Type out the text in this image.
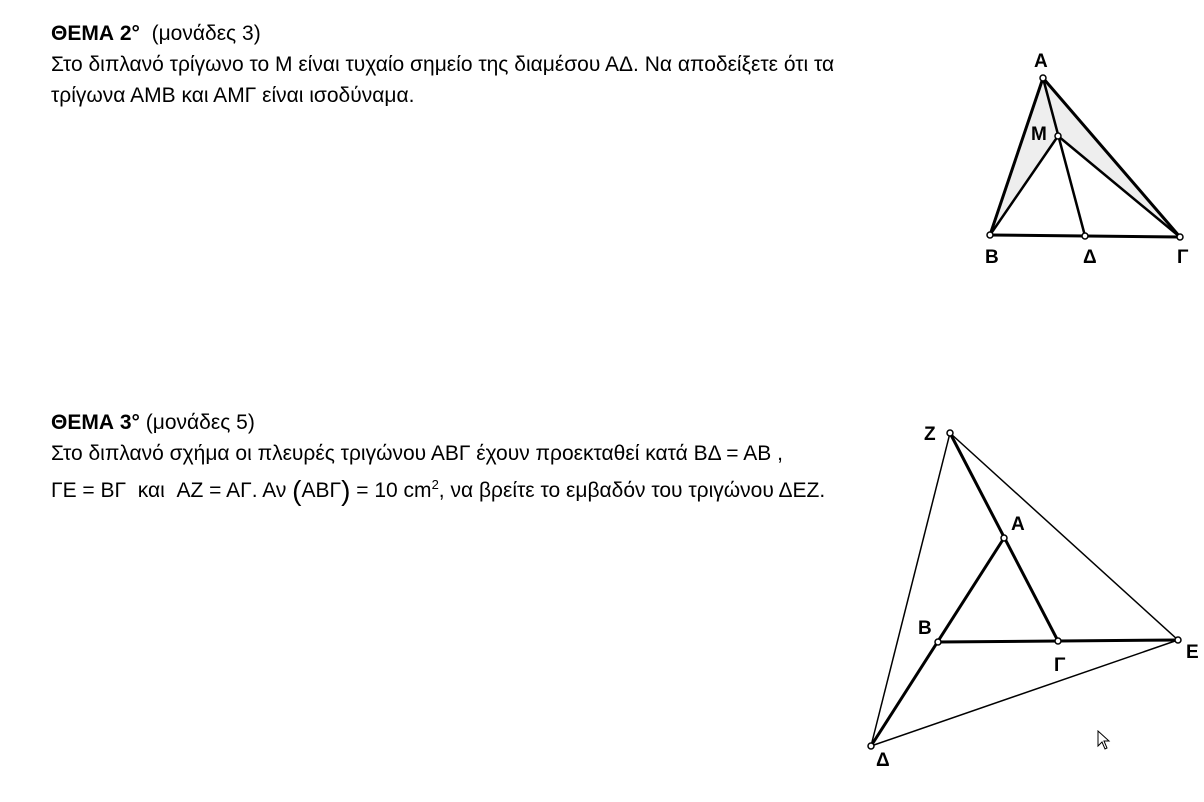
ΘΕΜΑ 2° (μονάδες 3)
Στο διπλανό τρίγωνο το Μ είναι τυχαίο σημείο της διαμέσου ΑΔ. Να αποδείξετε ότι τα
τρίγωνα ΑΜΒ και ΑΜΓ είναι ισοδύναμα.
Α
Μ
Β	Δ	Γ
ΘΕΜΑ 3° (μονάδες 5)
Στο διπλανό σχήμα οι πλευρές τριγώνου ΑΒΓ έχουν προεκταθεί κατά ΒΔ = ΑΒ ,
ΓΕ = ΒΓ και ΑΖ = ΑΓ. Αν (ΑΒΓ) = 10 $cm^2$, να βρείτε το εμβαδόν του τριγώνου ΔΕΖ.
Ζ
Α
Β
Γ
Ε
Δ
